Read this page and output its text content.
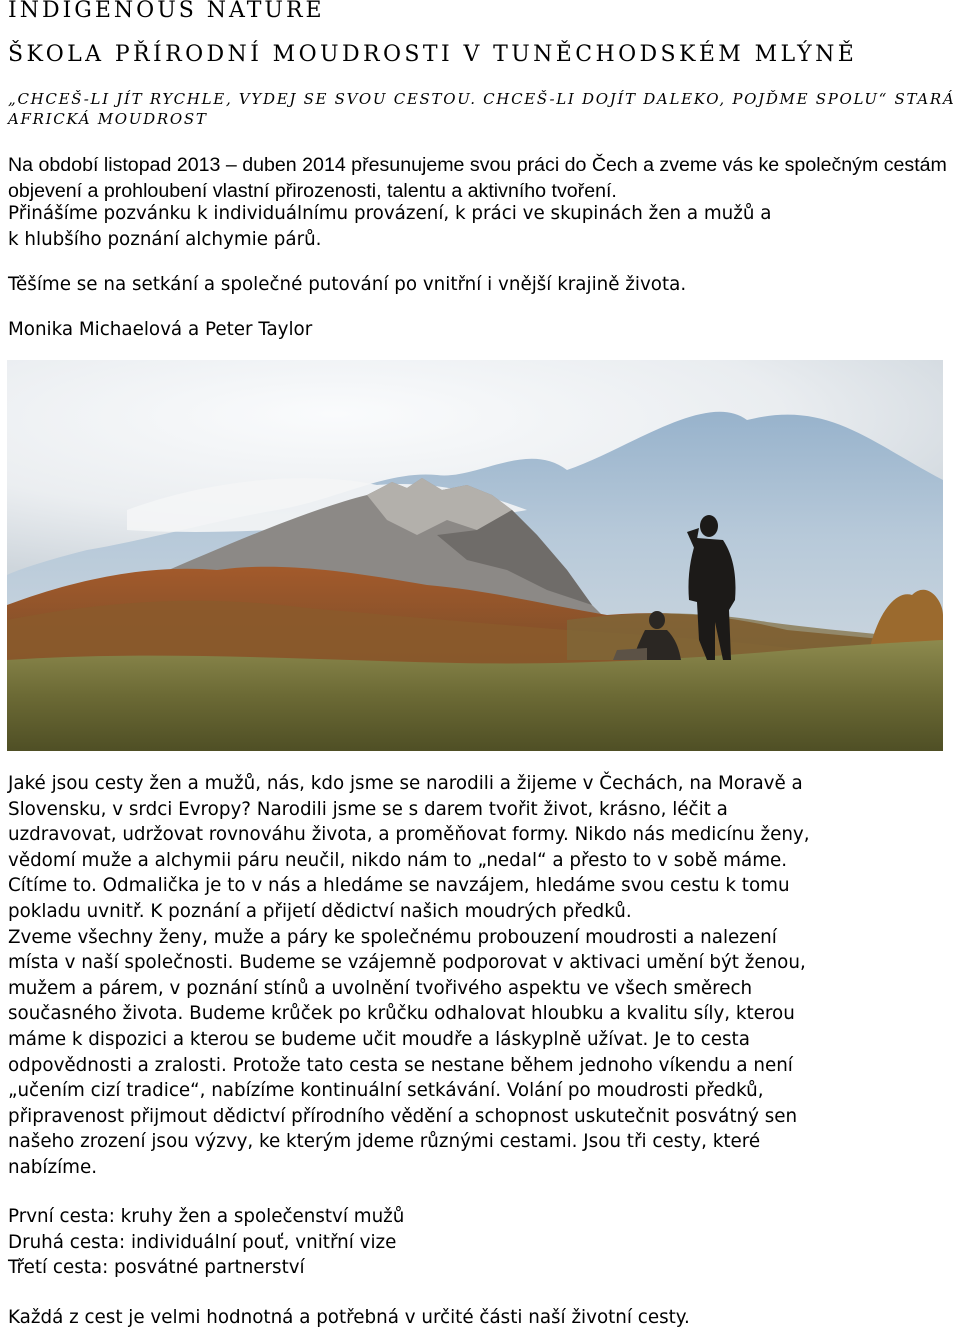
INDIGENOUS NATURE
ŠKOLA PŘÍRODNÍ MOUDROSTI V TUNĚCHODSKÉM MLÝNĚ
„CHCEŠ-LI JÍT RYCHLE, VYDEJ SE SVOU CESTOU. CHCEŠ-LI DOJÍT DALEKO, POJĎME SPOLU“ STARÁ AFRICKÁ MOUDROST
Na období listopad 2013 – duben 2014 přesunujeme svou práci do Čech a zveme vás ke společným cestám objevení a prohloubení vlastní přirozenosti, talentu a aktivního tvoření.
Přinášíme pozvánku k individuálnímu provázení, k práci ve skupinách žen a mužů a
k hlubšího poznání alchymie párů.
Těšíme se na setkání a společné putování po vnitřní i vnější krajině života.
Monika Michaelová a Peter Taylor
Jaké jsou cesty žen a mužů, nás, kdo jsme se narodili a žijeme v Čechách, na Moravě a
Slovensku, v srdci Evropy? Narodili jsme se s darem tvořit život, krásno, léčit a
uzdravovat, udržovat rovnováhu života, a proměňovat formy. Nikdo nás medicínu ženy,
vědomí muže a alchymii páru neučil, nikdo nám to „nedal“ a přesto to v sobě máme.
Cítíme to. Odmalička je to v nás a hledáme se navzájem, hledáme svou cestu k tomu
pokladu uvnitř. K poznání a přijetí dědictví našich moudrých předků.
Zveme všechny ženy, muže a páry ke společnému probouzení moudrosti a nalezení
místa v naší společnosti. Budeme se vzájemně podporovat v aktivaci umění být ženou,
mužem a párem, v poznání stínů a uvolnění tvořivého aspektu ve všech směrech
současného života. Budeme krůček po krůčku odhalovat hloubku a kvalitu síly, kterou
máme k dispozici a kterou se budeme učit moudře a láskyplně užívat. Je to cesta
odpovědnosti a zralosti. Protože tato cesta se nestane během jednoho víkendu a není
„učením cizí tradice“, nabízíme kontinuální setkávání. Volání po moudrosti předků,
připravenost přijmout dědictví přírodního vědění a schopnost uskutečnit posvátný sen
našeho zrození jsou výzvy, ke kterým jdeme různými cestami. Jsou tři cesty, které
nabízíme.
První cesta: kruhy žen a společenství mužů
Druhá cesta: individuální pouť, vnitřní vize
Třetí cesta: posvátné partnerství
Každá z cest je velmi hodnotná a potřebná v určité části naší životní cesty.
